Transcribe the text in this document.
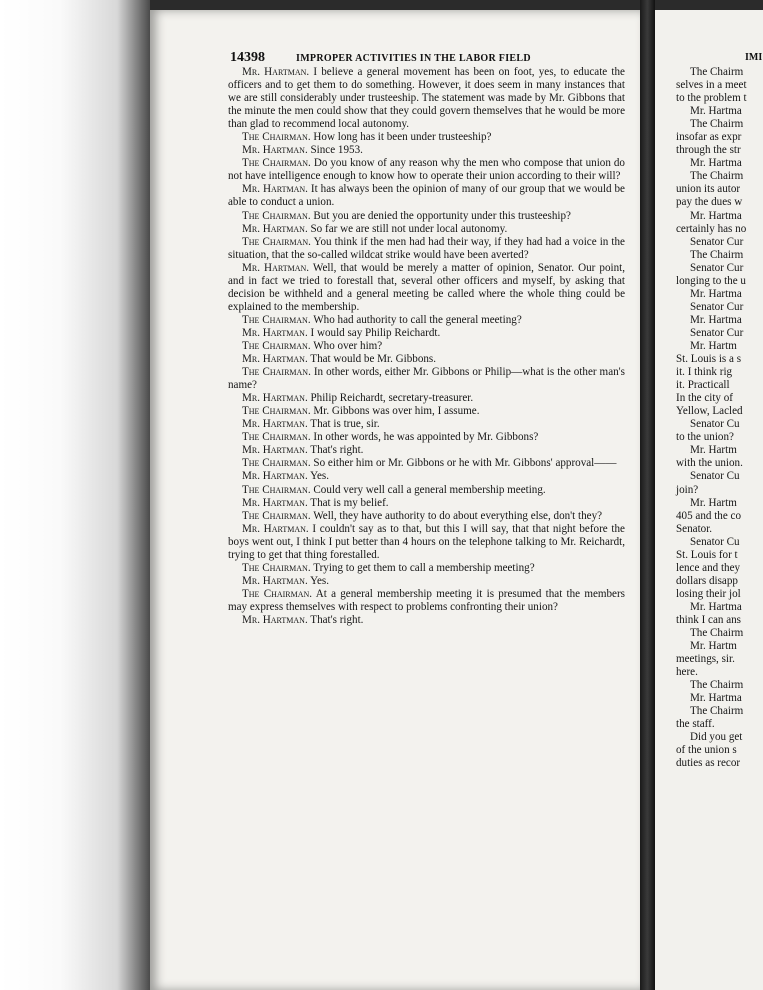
14398	IMPROPER ACTIVITIES IN THE LABOR FIELD

Mr. Hartman. I believe a general movement has been on foot, yes, to educate the officers and to get them to do something. However, it does seem in many instances that we are still considerably under trusteeship. The statement was made by Mr. Gibbons that the minute the men could show that they could govern themselves that he would be more than glad to recommend local autonomy.

The Chairman. How long has it been under trusteeship?

Mr. Hartman. Since 1953.

The Chairman. Do you know of any reason why the men who compose that union do not have intelligence enough to know how to operate their union according to their will?

Mr. Hartman. It has always been the opinion of many of our group that we would be able to conduct a union.

The Chairman. But you are denied the opportunity under this trusteeship?

Mr. Hartman. So far we are still not under local autonomy.

The Chairman. You think if the men had had their way, if they had had a voice in the situation, that the so-called wildcat strike would have been averted?

Mr. Hartman. Well, that would be merely a matter of opinion, Senator. Our point, and in fact we tried to forestall that, several other officers and myself, by asking that decision be withheld and a general meeting be called where the whole thing could be explained to the membership.

The Chairman. Who had authority to call the general meeting?

Mr. Hartman. I would say Philip Reichardt.

The Chairman. Who over him?

Mr. Hartman. That would be Mr. Gibbons.

The Chairman. In other words, either Mr. Gibbons or Philip—what is the other man's name?

Mr. Hartman. Philip Reichardt, secretary-treasurer.

The Chairman. Mr. Gibbons was over him, I assume.

Mr. Hartman. That is true, sir.

The Chairman. In other words, he was appointed by Mr. Gibbons?

Mr. Hartman. That's right.

The Chairman. So either him or Mr. Gibbons or he with Mr. Gibbons' approval——

Mr. Hartman. Yes.

The Chairman. Could very well call a general membership meeting.

Mr. Hartman. That is my belief.

The Chairman. Well, they have authority to do about everything else, don't they?

Mr. Hartman. I couldn't say as to that, but this I will say, that that night before the boys went out, I think I put better than 4 hours on the telephone talking to Mr. Reichardt, trying to get that thing forestalled.

The Chairman. Trying to get them to call a membership meeting?

Mr. Hartman. Yes.

The Chairman. At a general membership meeting it is presumed that the members may express themselves with respect to problems confronting their union?

Mr. Hartman. That's right.

IMI
The Chairm
selves in a meet
to the problem t
Mr. Hartma
The Chairm
insofar as expr
through the str
Mr. Hartma
The Chairm
union its autor
pay the dues w
Mr. Hartma
certainly has no
Senator Cur
The Chairm
Senator Cur
longing to the u
Mr. Hartma
Senator Cur
Mr. Hartma
Senator Cur
Mr. Hartm
St. Louis is a s
it. I think rig
it. Practicall
In the city of
Yellow, Lacled
Senator Cu
to the union?
Mr. Hartm
with the union.
Senator Cu
join?
Mr. Hartm
405 and the co
Senator.
Senator Cu
St. Louis for t
lence and they
dollars disapp
losing their jol
Mr. Hartma
think I can ans
The Chairm
Mr. Hartm
meetings, sir.
here.
The Chairm
Mr. Hartma
The Chairm
the staff.
Did you get
of the union s
duties as recor
